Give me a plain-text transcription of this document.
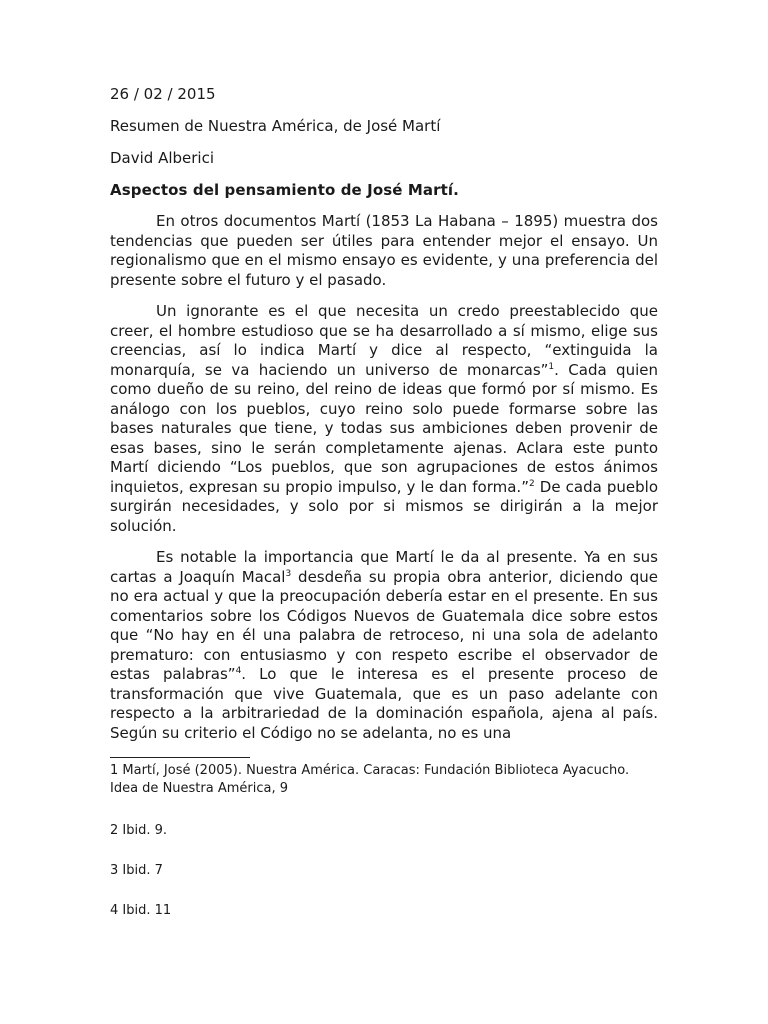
26 / 02 / 2015

Resumen de Nuestra América, de José Martí

David Alberici

Aspectos del pensamiento de José Martí.

En otros documentos Martí (1853 La Habana – 1895) muestra dos tendencias que pueden ser útiles para entender mejor el ensayo. Un regionalismo que en el mismo ensayo es evidente, y una preferencia del presente sobre el futuro y el pasado.

Un ignorante es el que necesita un credo preestablecido que creer, el hombre estudioso que se ha desarrollado a sí mismo, elige sus creencias, así lo indica Martí y dice al respecto, “extinguida la monarquía, se va haciendo un universo de monarcas”$^1$. Cada quien como dueño de su reino, del reino de ideas que formó por sí mismo. Es análogo con los pueblos, cuyo reino solo puede formarse sobre las bases naturales que tiene, y todas sus ambiciones deben provenir de esas bases, sino le serán completamente ajenas. Aclara este punto Martí diciendo “Los pueblos, que son agrupaciones de estos ánimos inquietos, expresan su propio impulso, y le dan forma.”$^2$ De cada pueblo surgirán necesidades, y solo por si mismos se dirigirán a la mejor solución.

Es notable la importancia que Martí le da al presente. Ya en sus cartas a Joaquín Macal$^3$ desdeña su propia obra anterior, diciendo que no era actual y que la preocupación debería estar en el presente. En sus comentarios sobre los Códigos Nuevos de Guatemala dice sobre estos que “No hay en él una palabra de retroceso, ni una sola de adelanto prematuro: con entusiasmo y con respeto escribe el observador de estas palabras”$^4$. Lo que le interesa es el presente proceso de transformación que vive Guatemala, que es un paso adelante con respecto a la arbitrariedad de la dominación española, ajena al país. Según su criterio el Código no se adelanta, no es una

1 Martí, José (2005). Nuestra América. Caracas: Fundación Biblioteca Ayacucho. Idea de Nuestra América, 9

2 Ibid. 9.

3 Ibid. 7

4 Ibid. 11
